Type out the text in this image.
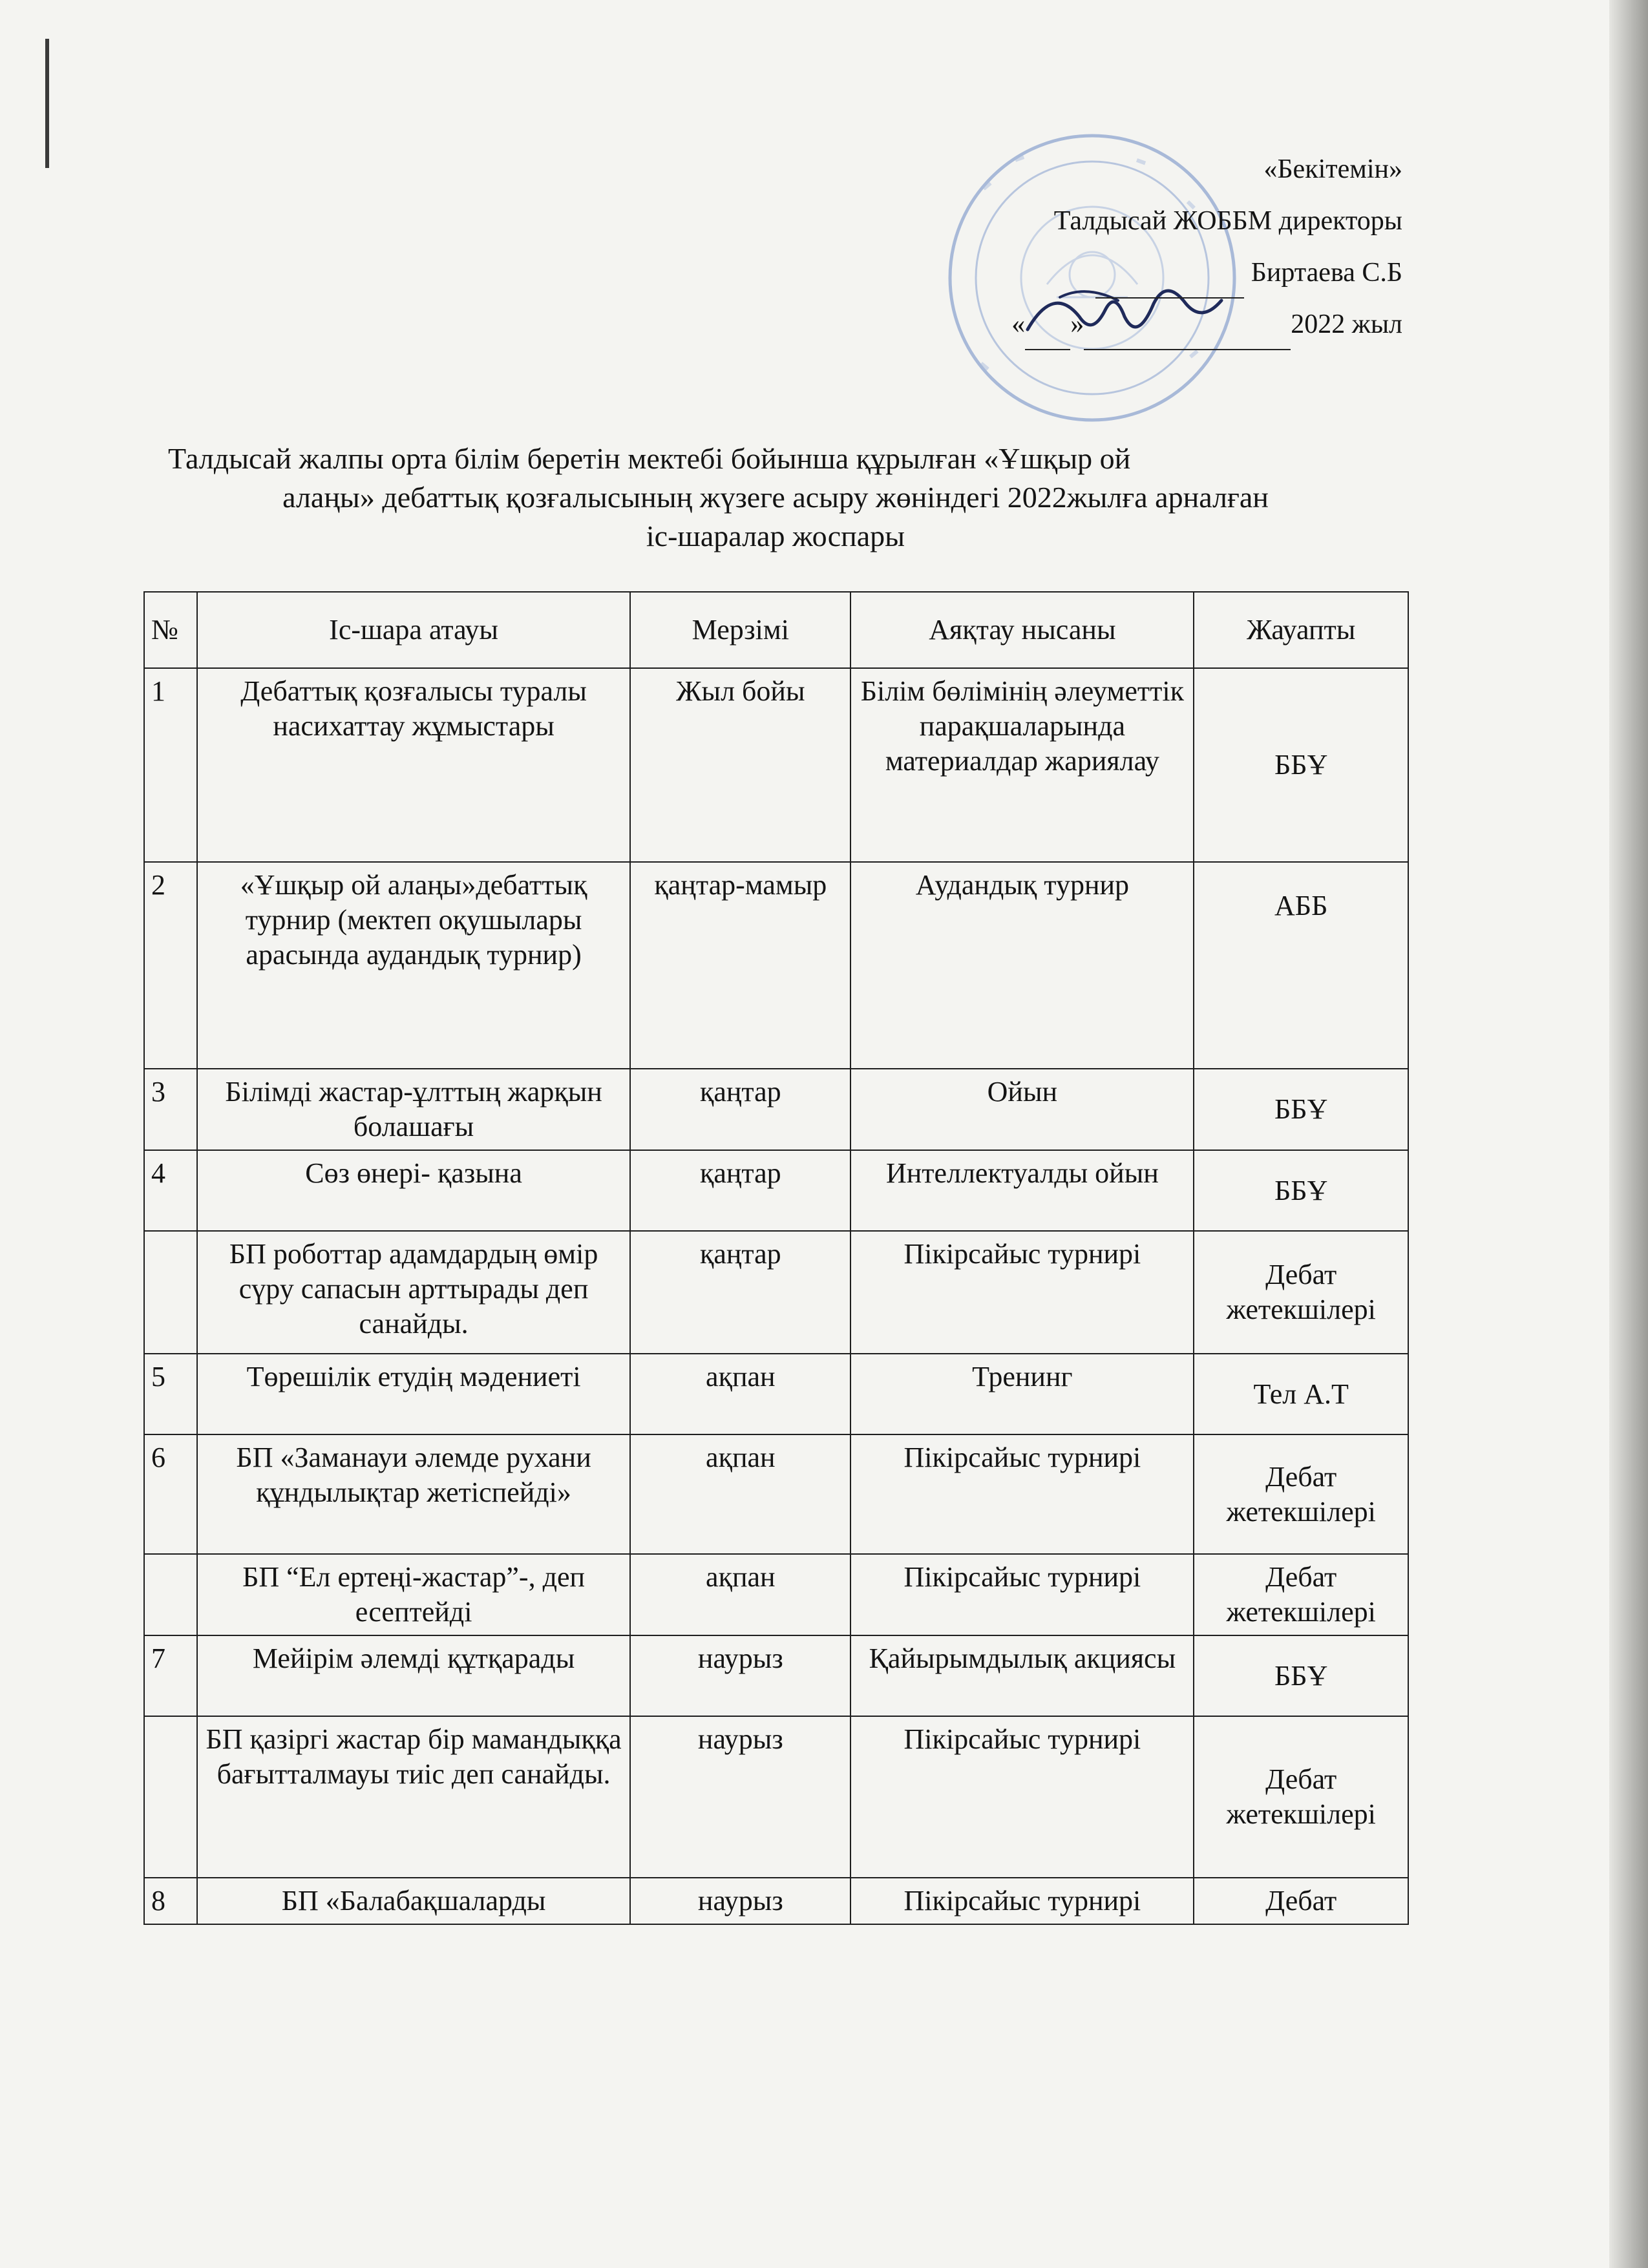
«Бекітемін»
Талдысай ЖОББМ директоры
Биртаева С.Б
« »	2022 жыл
Талдысай жалпы орта білім беретін мектебі бойынша құрылған «Ұшқыр ой
алаңы» дебаттық қозғалысының жүзеге асыру жөніндегі 2022жылға арналған
іс-шаралар жоспары
№	Іс-шара атауы	Мерзімі	Аяқтау нысаны	Жауапты
1	Дебаттық қозғалысы туралы насихаттау жұмыстары	Жыл бойы	Білім бөлімінің әлеуметтік парақшаларында материалдар жариялау	ББҰ
2	«Ұшқыр ой алаңы»дебаттық турнир (мектеп оқушылары арасында аудандық турнир)	қаңтар-мамыр	Аудандық турнир	АББ
3	Білімді жастар-ұлттың жарқын болашағы	қаңтар	Ойын	ББҰ
4	Сөз өнері- қазына	қаңтар	Интеллектуалды ойын	ББҰ
	БП роботтар адамдардың өмір сүру сапасын арттырады деп санайды.	қаңтар	Пікірсайыс турнирі	Дебат жетекшілері
5	Төрешілік етудің мәдениеті	ақпан	Тренинг	Тел А.Т
6	БП «Заманауи әлемде рухани құндылықтар жетіспейді»	ақпан	Пікірсайыс турнирі	Дебат жетекшілері
	БП “Ел ертеңі-жастар”-, деп есептейді	ақпан	Пікірсайыс турнирі	Дебат жетекшілері
7	Мейірім әлемді құтқарады	наурыз	Қайырымдылық акциясы	ББҰ
	БП қазіргі жастар бір мамандыққа бағытталмауы тиіс деп санайды.	наурыз	Пікірсайыс турнирі	Дебат жетекшілері
8	БП «Балабақшаларды	наурыз	Пікірсайыс турнирі	Дебат
